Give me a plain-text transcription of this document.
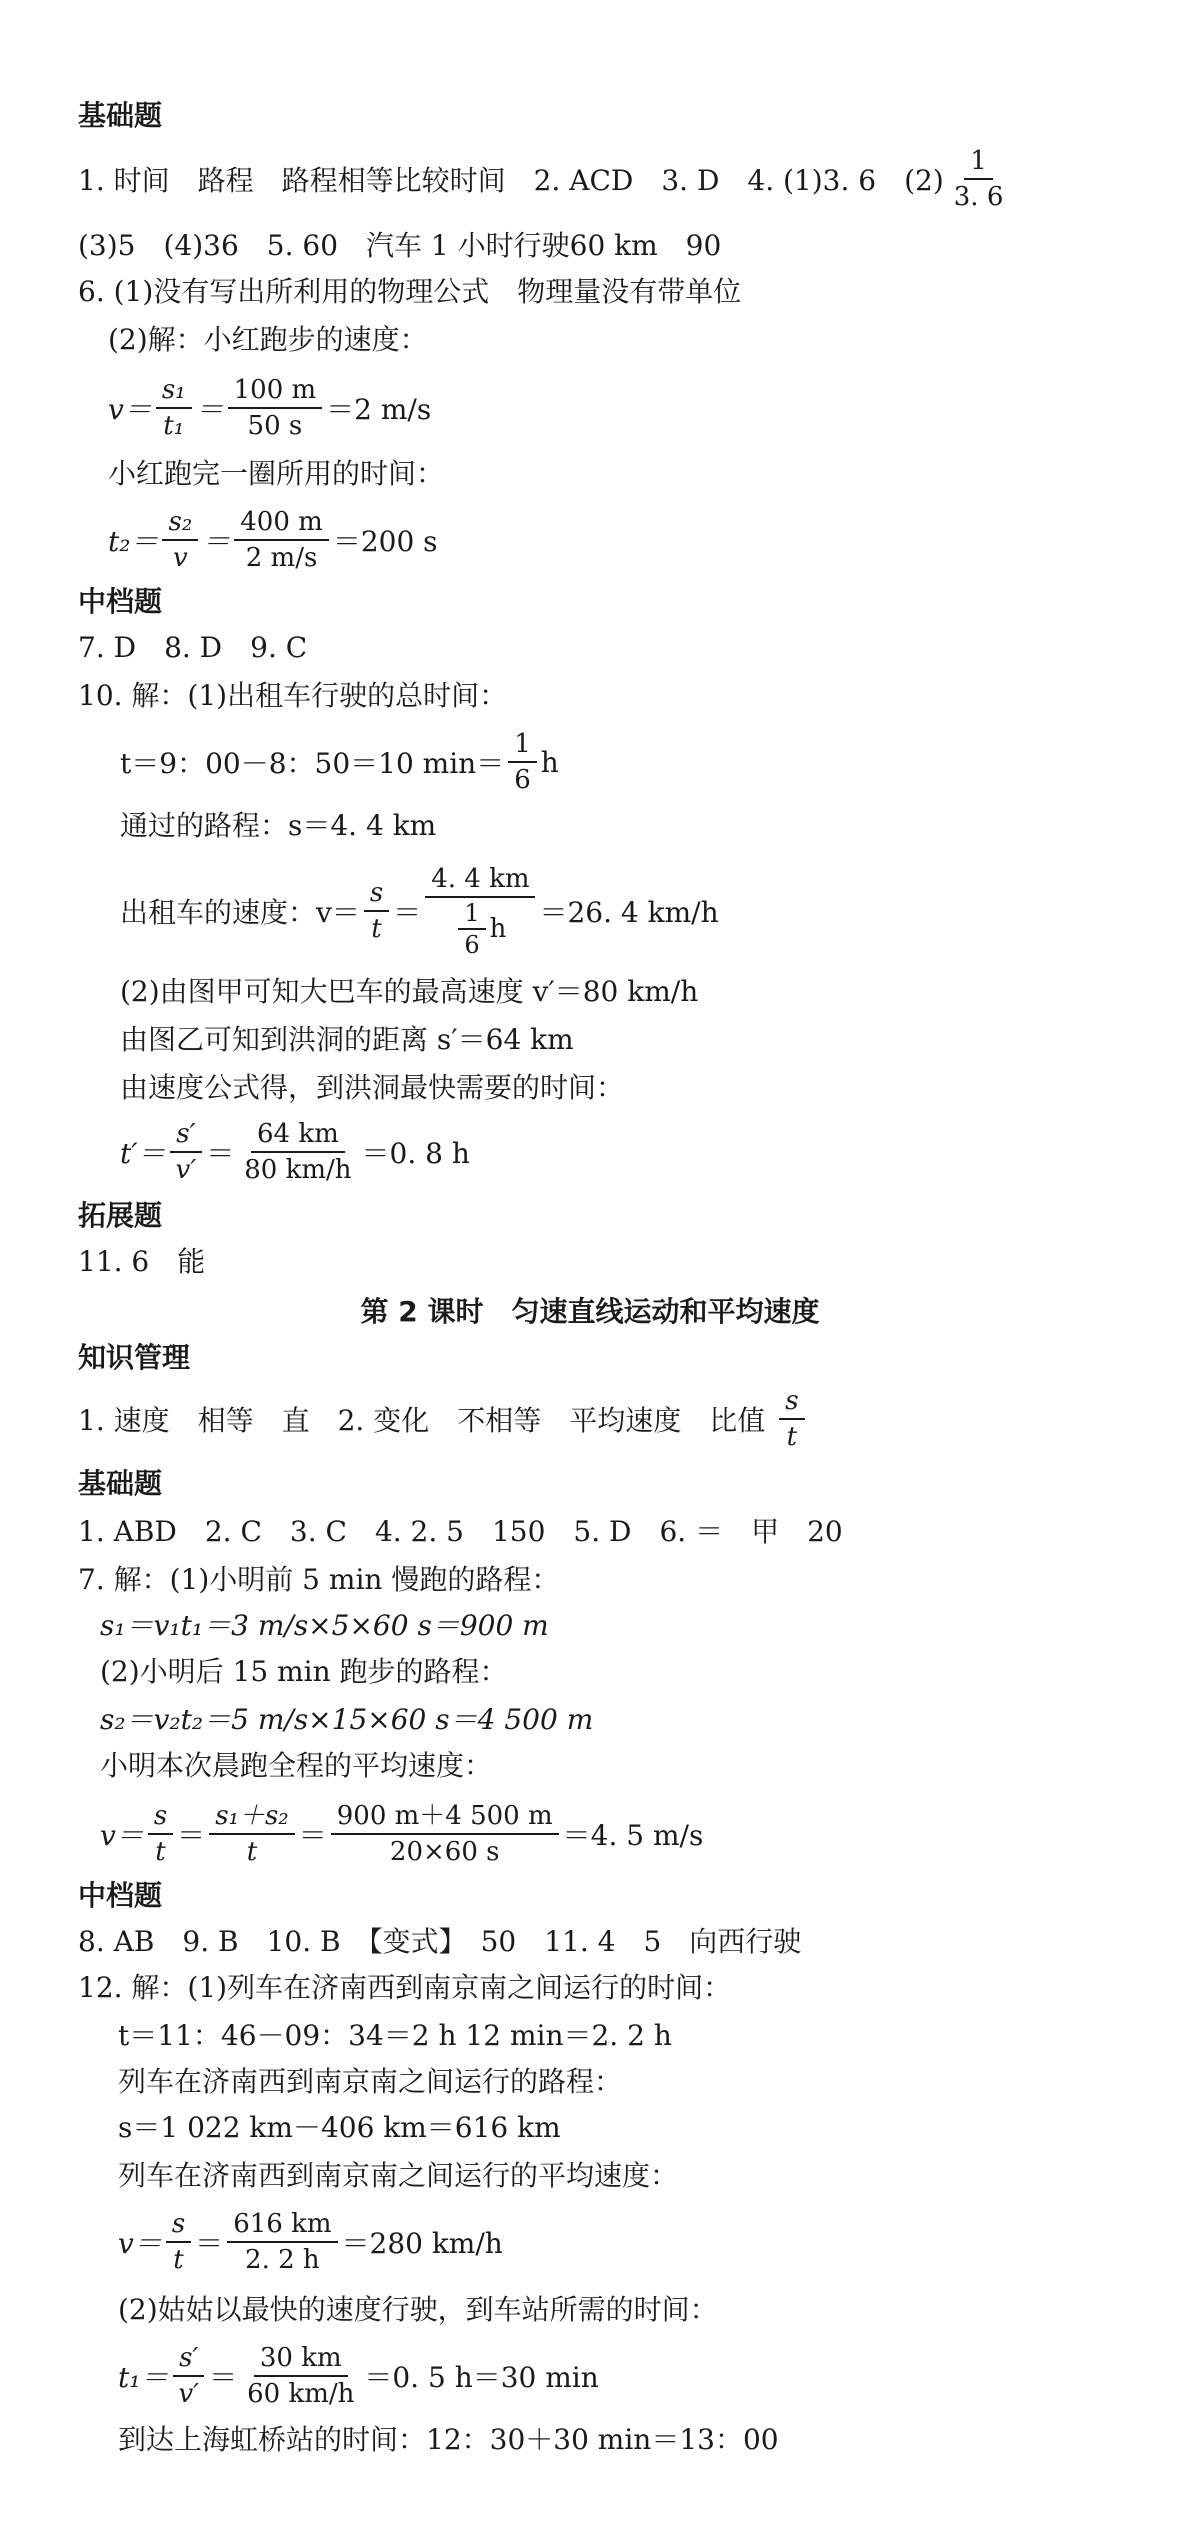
基础题
1. 时间　路程　路程相等比较时间　2. ACD　3. D　4. (1)3. 6　$(2) \frac{1}{3. 6}$
(3)5　(4)36　5. 60　汽车 1 小时行驶60 km　90
6. (1)没有写出所利用的物理公式　物理量没有带单位
(2)解：小红跑步的速度：
$v= \frac{\text{s₁}}{\text{t₁}} = \frac{100 m}{50 s} =2$ m/s
小红跑完一圈所用的时间：
$t_2= \frac{\text{s₂}}{v} = \frac{400 m}{2 m/s} =200$ s
中档题
7. D　8. D　9. C
10. 解：(1)出租车行驶的总时间：
t＝9：00－8：50＝10 $\min= \frac{1}{6}$ h
通过的路程：s＝4. 4 km
出租车的速度：$v= \frac{s}{t} = \frac{4. 4 km}{\frac{1}{6} h} =26$. 4 km/h
(2)由图甲可知大巴车的最高速度 v′＝80 km/h
由图乙可知到洪洞的距离 s′＝64 km
由速度公式得，到洪洞最快需要的时间：
$t'= \frac{s'}{v'} = \frac{64 km}{80 km/h} =0$. 8 h
拓展题
11. 6　能
第 2 课时　匀速直线运动和平均速度
知识管理
1. 速度　相等　直　2. 变化　不相等　平均速度　比值 $\frac{s}{t}$
基础题
1. ABD　2. C　3. C　4. 2. 5　150　5. D　6. ＝　甲　20
7. 解：(1)小明前 5 min 慢跑的路程：
s₁＝v₁t₁＝3 m/s×5×60 s＝900 m
(2)小明后 15 min 跑步的路程：
s₂＝v₂t₂＝5 m/s×15×60 s＝4 500 m
小明本次晨跑全程的平均速度：
$v= \frac{s}{t} = \frac{\text{s₁＋s₂}}{t} = \frac{900 m+4 500 m}{20\times 60 s} =4$. 5 m/s
中档题
8. AB　9. B　10. B　【变式】　50　11. 4　5　向西行驶
12. 解：(1)列车在济南西到南京南之间运行的时间：
t＝11：46－09：34＝2 h 12 min＝2. 2 h
列车在济南西到南京南之间运行的路程：
s＝1 022 km－406 km＝616 km
列车在济南西到南京南之间运行的平均速度：
$v= \frac{s}{t} = \frac{616 km}{2. 2 h} =280$ km/h
(2)姑姑以最快的速度行驶，到车站所需的时间：
$t_1= \frac{s'}{v'} = \frac{30 km}{60 km/h} =0$. 5 h＝30 min
到达上海虹桥站的时间：12：30＋30 min＝13：00
